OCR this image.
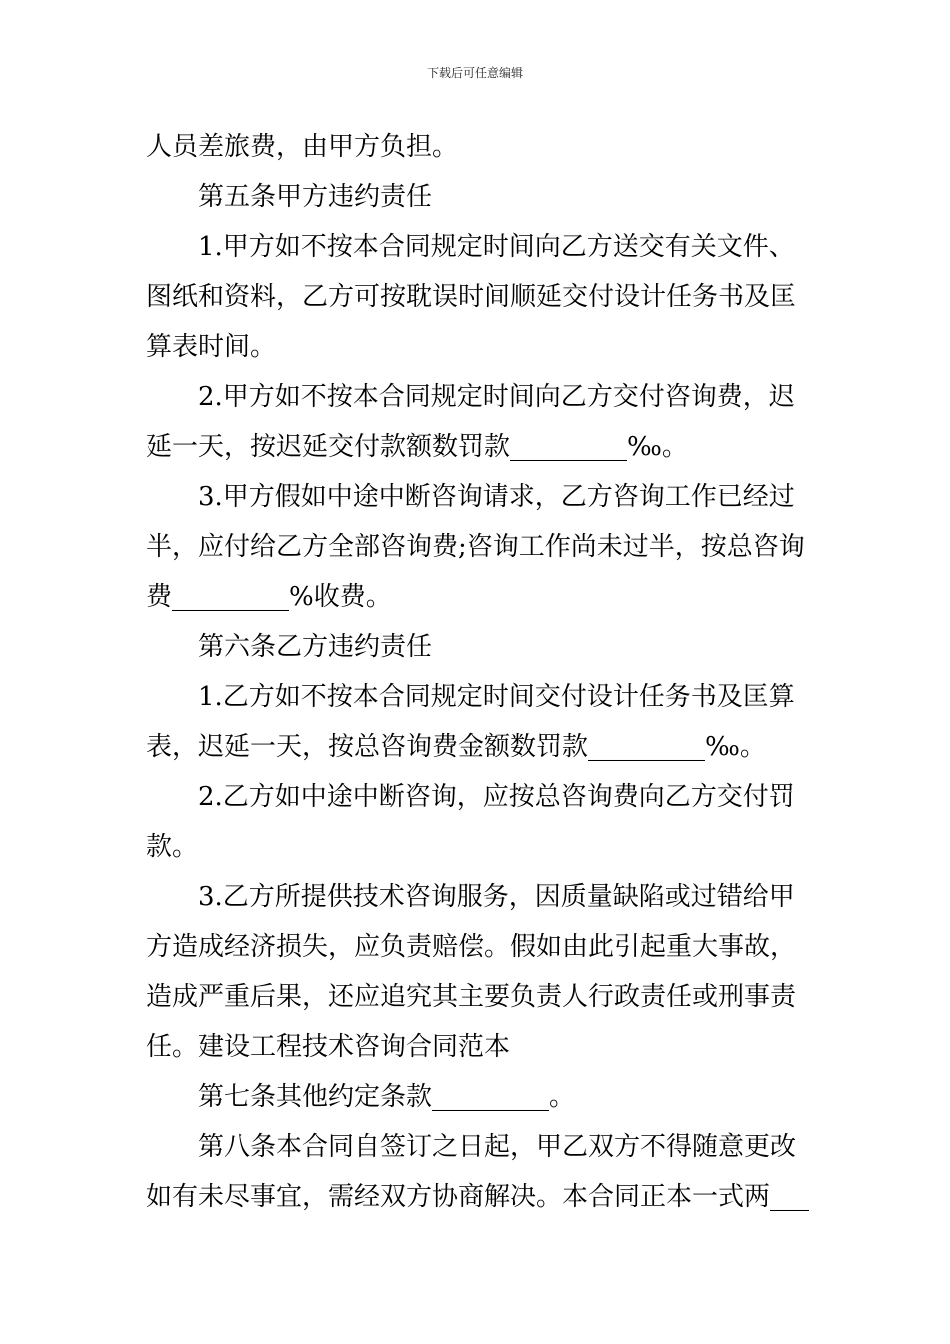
下载后可任意编辑
人员差旅费，由甲方负担。
第五条甲方违约责任
1.甲方如不按本合同规定时间向乙方送交有关文件、
图纸和资料，乙方可按耽误时间顺延交付设计任务书及匡
算表时间。
2.甲方如不按本合同规定时间向乙方交付咨询费，迟
延一天，按迟延交付款额数罚款_________‰。
3.甲方假如中途中断咨询请求，乙方咨询工作已经过
半，应付给乙方全部咨询费;咨询工作尚未过半，按总咨询
费_________%收费。
第六条乙方违约责任
1.乙方如不按本合同规定时间交付设计任务书及匡算
表，迟延一天，按总咨询费金额数罚款_________‰。
2.乙方如中途中断咨询，应按总咨询费向乙方交付罚
款。
3.乙方所提供技术咨询服务，因质量缺陷或过错给甲
方造成经济损失，应负责赔偿。假如由此引起重大事故，
造成严重后果，还应追究其主要负责人行政责任或刑事责
任。建设工程技术咨询合同范本
第七条其他约定条款_________。
第八条本合同自签订之日起，甲乙双方不得随意更改
如有未尽事宜，需经双方协商解决。本合同正本一式两___
